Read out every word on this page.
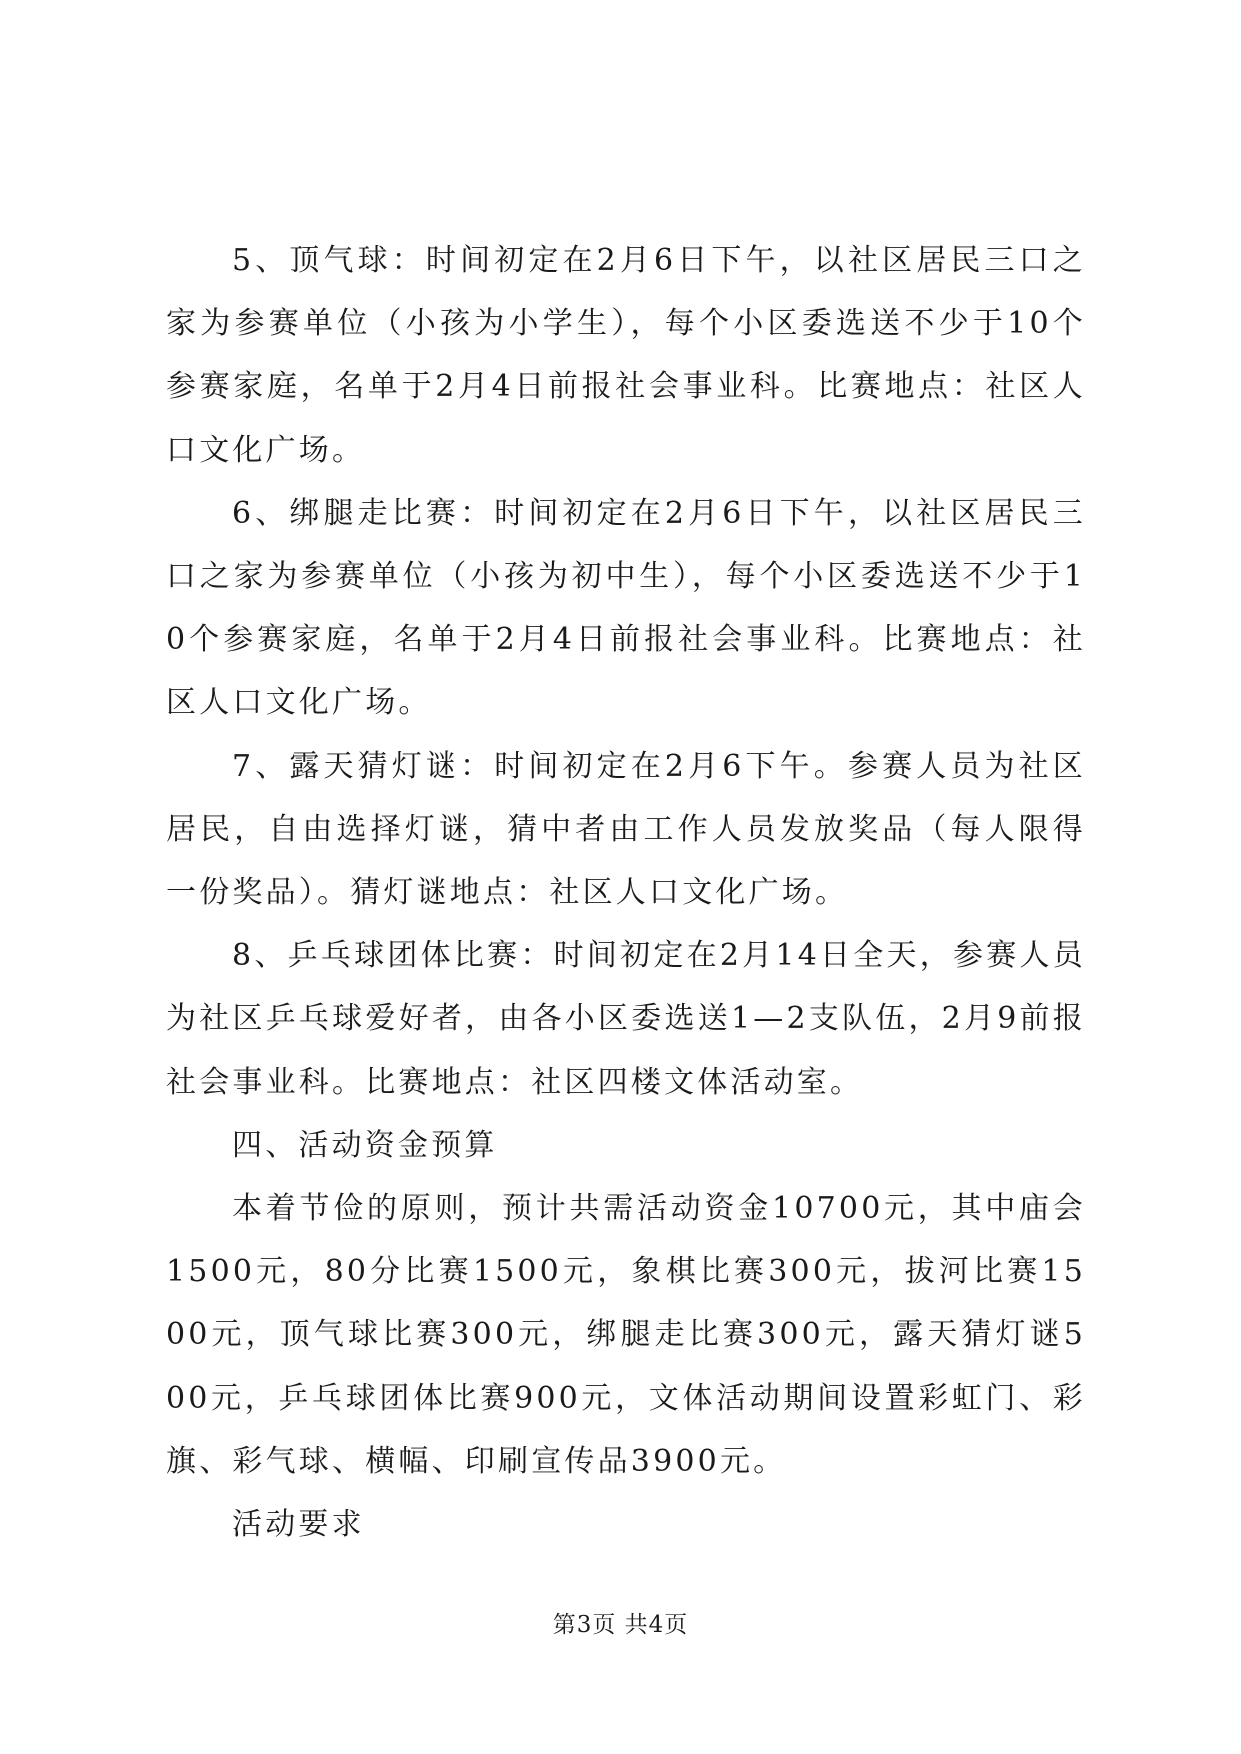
5、顶气球：时间初定在2月6日下午，以社区居民三口之家为参赛单位（小孩为小学生），每个小区委选送不少于10个参赛家庭，名单于2月4日前报社会事业科。比赛地点：社区人口文化广场。

6、绑腿走比赛：时间初定在2月6日下午，以社区居民三口之家为参赛单位（小孩为初中生），每个小区委选送不少于10个参赛家庭，名单于2月4日前报社会事业科。比赛地点：社区人口文化广场。

7、露天猜灯谜：时间初定在2月6下午。参赛人员为社区居民，自由选择灯谜，猜中者由工作人员发放奖品（每人限得一份奖品）。猜灯谜地点：社区人口文化广场。

8、乒乓球团体比赛：时间初定在2月14日全天，参赛人员为社区乒乓球爱好者，由各小区委选送1—2支队伍，2月9前报社会事业科。比赛地点：社区四楼文体活动室。

四、活动资金预算

本着节俭的原则，预计共需活动资金10700元，其中庙会1500元，80分比赛1500元，象棋比赛300元，拔河比赛1500元，顶气球比赛300元，绑腿走比赛300元，露天猜灯谜500元，乒乓球团体比赛900元，文体活动期间设置彩虹门、彩旗、彩气球、横幅、印刷宣传品3900元。

活动要求

第3页 共4页
